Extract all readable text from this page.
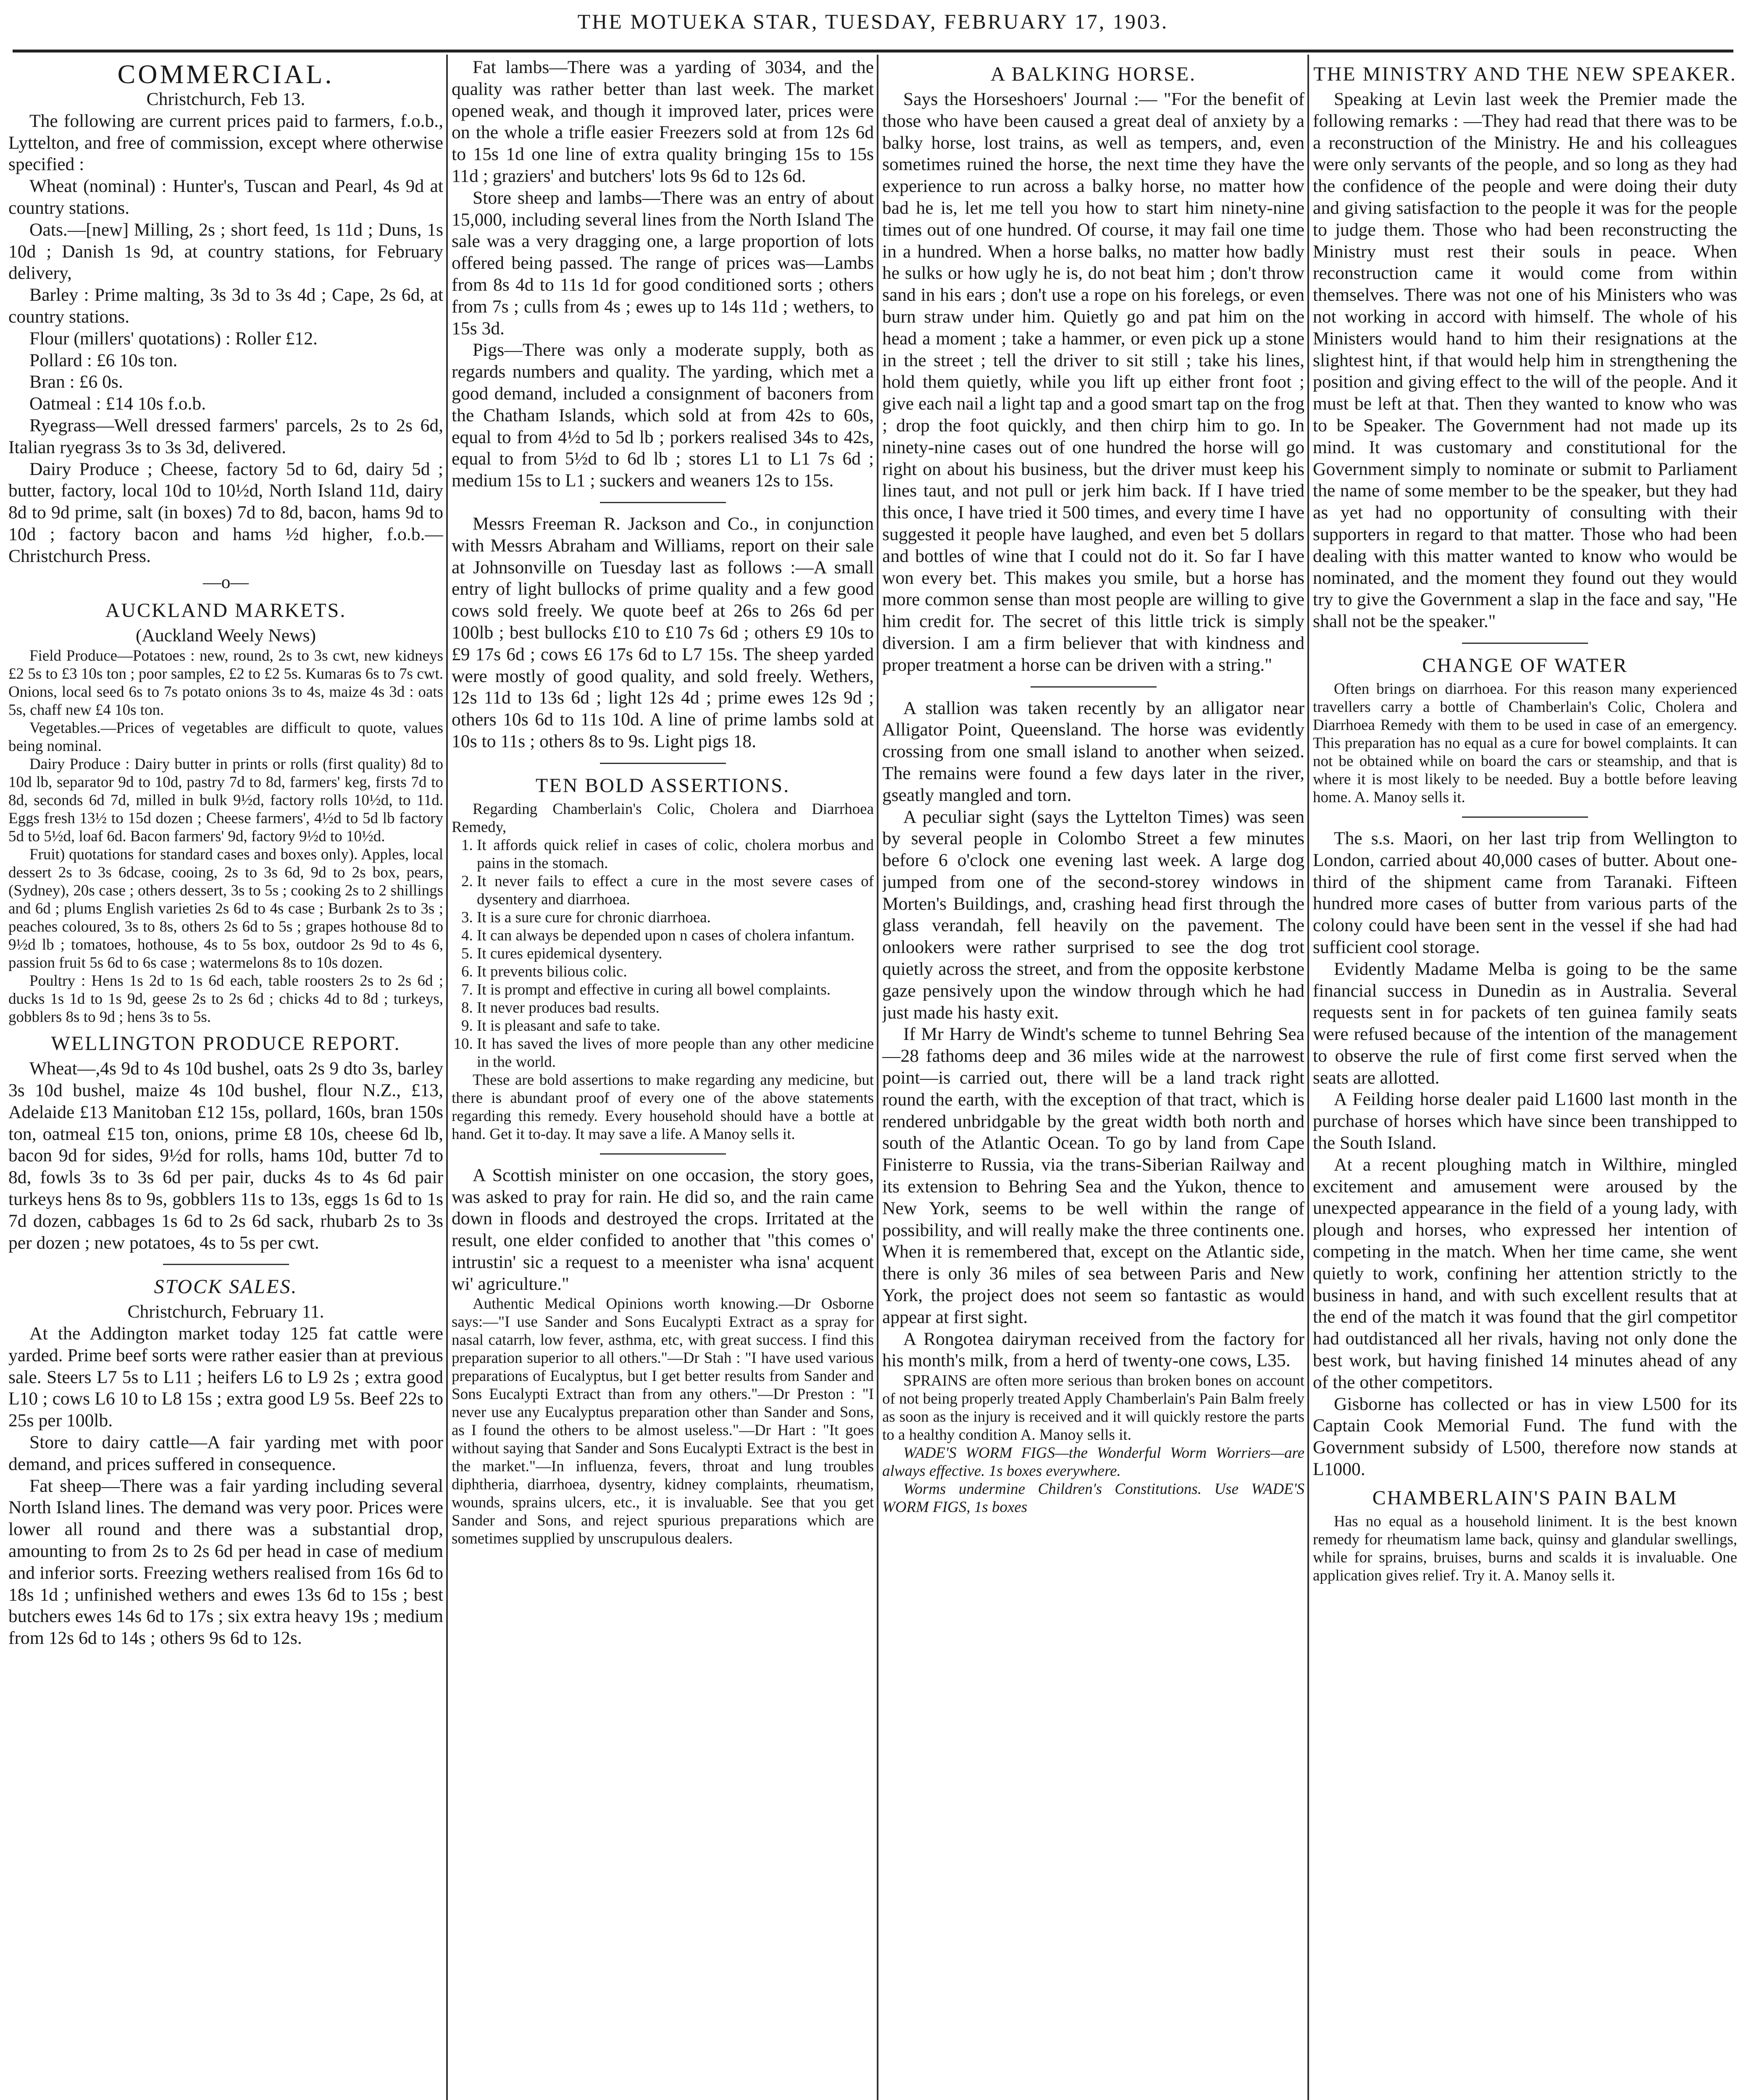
THE MOTUEKA STAR, TUESDAY, FEBRUARY 17, 1903.
COMMERCIAL.

Christchurch, Feb 13.

The following are current prices paid to farmers, f.o.b., Lyttelton, and free of commission, except where otherwise specified :

Wheat (nominal) : Hunter's, Tuscan and Pearl, 4s 9d at country stations.

Oats.—[new] Milling, 2s ; short feed, 1s 11d ; Duns, 1s 10d ; Danish 1s 9d, at country stations, for February delivery,

Barley : Prime malting, 3s 3d to 3s 4d ; Cape, 2s 6d, at country stations.

Flour (millers' quotations) : Roller £12.

Pollard : £6 10s ton.

Bran : £6 0s.

Oatmeal : £14 10s f.o.b.

Ryegrass—Well dressed farmers' parcels, 2s to 2s 6d, Italian ryegrass 3s to 3s 3d, delivered.

Dairy Produce ; Cheese, factory 5d to 6d, dairy 5d ; butter, factory, local 10d to 10½d, North Island 11d, dairy 8d to 9d prime, salt (in boxes) 7d to 8d, bacon, hams 9d to 10d ; factory bacon and hams ½d higher, f.o.b.—Christchurch Press.

—o—

AUCKLAND MARKETS.

(Auckland Weely News)

Field Produce—Potatoes : new, round, 2s to 3s cwt, new kidneys £2 5s to £3 10s ton ; poor samples, £2 to £2 5s. Kumaras 6s to 7s cwt. Onions, local seed 6s to 7s potato onions 3s to 4s, maize 4s 3d : oats 5s, chaff new £4 10s ton.

Vegetables.—Prices of vegetables are difficult to quote, values being nominal.

Dairy Produce : Dairy butter in prints or rolls (first quality) 8d to 10d lb, separator 9d to 10d, pastry 7d to 8d, farmers' keg, firsts 7d to 8d, seconds 6d 7d, milled in bulk 9½d, factory rolls 10½d, to 11d. Eggs fresh 13½ to 15d dozen ; Cheese farmers', 4½d to 5d lb factory 5d to 5½d, loaf 6d. Bacon farmers' 9d, factory 9½d to 10½d.

Fruit) quotations for standard cases and boxes only). Apples, local dessert 2s to 3s 6dcase, cooing, 2s to 3s 6d, 9d to 2s box, pears, (Sydney), 20s case ; others dessert, 3s to 5s ; cooking 2s to 2 shillings and 6d ; plums English varieties 2s 6d to 4s case ; Burbank 2s to 3s ; peaches coloured, 3s to 8s, others 2s 6d to 5s ; grapes hothouse 8d to 9½d lb ; tomatoes, hothouse, 4s to 5s box, outdoor 2s 9d to 4s 6, passion fruit 5s 6d to 6s case ; watermelons 8s to 10s dozen.

Poultry : Hens 1s 2d to 1s 6d each, table roosters 2s to 2s 6d ; ducks 1s 1d to 1s 9d, geese 2s to 2s 6d ; chicks 4d to 8d ; turkeys, gobblers 8s to 9d ; hens 3s to 5s.

WELLINGTON PRODUCE REPORT.

Wheat—,4s 9d to 4s 10d bushel, oats 2s 9 dto 3s, barley 3s 10d bushel, maize 4s 10d bushel, flour N.Z., £13, Adelaide £13 Manitoban £12 15s, pollard, 160s, bran 150s ton, oatmeal £15 ton, onions, prime £8 10s, cheese 6d lb, bacon 9d for sides, 9½d for rolls, hams 10d, butter 7d to 8d, fowls 3s to 3s 6d per pair, ducks 4s to 4s 6d pair turkeys hens 8s to 9s, gobblers 11s to 13s, eggs 1s 6d to 1s 7d dozen, cabbages 1s 6d to 2s 6d sack, rhubarb 2s to 3s per dozen ; new potatoes, 4s to 5s per cwt.

STOCK SALES.

Christchurch, February 11.

At the Addington market today 125 fat cattle were yarded. Prime beef sorts were rather easier than at previous sale. Steers L7 5s to L11 ; heifers L6 to L9 2s ; extra good L10 ; cows L6 10 to L8 15s ; extra good L9 5s. Beef 22s to 25s per 100lb.

Store to dairy cattle—A fair yarding met with poor demand, and prices suffered in consequence.

Fat sheep—There was a fair yarding including several North Island lines. The demand was very poor. Prices were lower all round and there was a substantial drop, amounting to from 2s to 2s 6d per head in case of medium and inferior sorts. Freezing wethers realised from 16s 6d to 18s 1d ; unfinished wethers and ewes 13s 6d to 15s ; best butchers ewes 14s 6d to 17s ; six extra heavy 19s ; medium from 12s 6d to 14s ; others 9s 6d to 12s.

Fat lambs—There was a yarding of 3034, and the quality was rather better than last week. The market opened weak, and though it improved later, prices were on the whole a trifle easier Freezers sold at from 12s 6d to 15s 1d one line of extra quality bringing 15s to 15s 11d ; graziers' and butchers' lots 9s 6d to 12s 6d.

Store sheep and lambs—There was an entry of about 15,000, including several lines from the North Island The sale was a very dragging one, a large proportion of lots offered being passed. The range of prices was—Lambs from 8s 4d to 11s 1d for good conditioned sorts ; others from 7s ; culls from 4s ; ewes up to 14s 11d ; wethers, to 15s 3d.

Pigs—There was only a moderate supply, both as regards numbers and quality. The yarding, which met a good demand, included a consignment of baconers from the Chatham Islands, which sold at from 42s to 60s, equal to from 4½d to 5d lb ; porkers realised 34s to 42s, equal to from 5½d to 6d lb ; stores L1 to L1 7s 6d ; medium 15s to L1 ; suckers and weaners 12s to 15s.

Messrs Freeman R. Jackson and Co., in conjunction with Messrs Abraham and Williams, report on their sale at Johnsonville on Tuesday last as follows :—A small entry of light bullocks of prime quality and a few good cows sold freely. We quote beef at 26s to 26s 6d per 100lb ; best bullocks £10 to £10 7s 6d ; others £9 10s to £9 17s 6d ; cows £6 17s 6d to L7 15s. The sheep yarded were mostly of good quality, and sold freely. Wethers, 12s 11d to 13s 6d ; light 12s 4d ; prime ewes 12s 9d ; others 10s 6d to 11s 10d. A line of prime lambs sold at 10s to 11s ; others 8s to 9s. Light pigs 18.

TEN BOLD ASSERTIONS.

Regarding Chamberlain's Colic, Cholera and Diarrhoea Remedy,

1. It affords quick relief in cases of colic, cholera morbus and pains in the stomach.
2. It never fails to effect a cure in the most severe cases of dysentery and diarrhoea.
3. It is a sure cure for chronic diarrhoea.
4. It can always be depended upon n cases of cholera infantum.
5. It cures epidemical dysentery.
6. It prevents bilious colic.
7. It is prompt and effective in curing all bowel complaints.
8. It never produces bad results.
9. It is pleasant and safe to take.
10. It has saved the lives of more people than any other medicine in the world.

These are bold assertions to make regarding any medicine, but there is abundant proof of every one of the above statements regarding this remedy. Every household should have a bottle at hand. Get it to-day. It may save a life. A Manoy sells it.

A Scottish minister on one occasion, the story goes, was asked to pray for rain. He did so, and the rain came down in floods and destroyed the crops. Irritated at the result, one elder confided to another that "this comes o' intrustin' sic a request to a meenister wha isna' acquent wi' agriculture."

Authentic Medical Opinions worth knowing.—Dr Osborne says:—"I use Sander and Sons Eucalypti Extract as a spray for nasal catarrh, low fever, asthma, etc, with great success. I find this preparation superior to all others."—Dr Stah : "I have used various preparations of Eucalyptus, but I get better results from Sander and Sons Eucalypti Extract than from any others."—Dr Preston : "I never use any Eucalyptus preparation other than Sander and Sons, as I found the others to be almost useless."—Dr Hart : "It goes without saying that Sander and Sons Eucalypti Extract is the best in the market."—In influenza, fevers, throat and lung troubles diphtheria, diarrhoea, dysentry, kidney complaints, rheumatism, wounds, sprains ulcers, etc., it is invaluable. See that you get Sander and Sons, and reject spurious preparations which are sometimes supplied by unscrupulous dealers.

A BALKING HORSE.

Says the Horseshoers' Journal :— "For the benefit of those who have been caused a great deal of anxiety by a balky horse, lost trains, as well as tempers, and, even sometimes ruined the horse, the next time they have the experience to run across a balky horse, no matter how bad he is, let me tell you how to start him ninety-nine times out of one hundred. Of course, it may fail one time in a hundred. When a horse balks, no matter how badly he sulks or how ugly he is, do not beat him ; don't throw sand in his ears ; don't use a rope on his forelegs, or even burn straw under him. Quietly go and pat him on the head a moment ; take a hammer, or even pick up a stone in the street ; tell the driver to sit still ; take his lines, hold them quietly, while you lift up either front foot ; give each nail a light tap and a good smart tap on the frog ; drop the foot quickly, and then chirp him to go. In ninety-nine cases out of one hundred the horse will go right on about his business, but the driver must keep his lines taut, and not pull or jerk him back. If I have tried this once, I have tried it 500 times, and every time I have suggested it people have laughed, and even bet 5 dollars and bottles of wine that I could not do it. So far I have won every bet. This makes you smile, but a horse has more common sense than most people are willing to give him credit for. The secret of this little trick is simply diversion. I am a firm believer that with kindness and proper treatment a horse can be driven with a string."

A stallion was taken recently by an alligator near Alligator Point, Queensland. The horse was evidently crossing from one small island to another when seized. The remains were found a few days later in the river, gseatly mangled and torn.

A peculiar sight (says the Lyttelton Times) was seen by several people in Colombo Street a few minutes before 6 o'clock one evening last week. A large dog jumped from one of the second-storey windows in Morten's Buildings, and, crashing head first through the glass verandah, fell heavily on the pavement. The onlookers were rather surprised to see the dog trot quietly across the street, and from the opposite kerbstone gaze pensively upon the window through which he had just made his hasty exit.

If Mr Harry de Windt's scheme to tunnel Behring Sea—28 fathoms deep and 36 miles wide at the narrowest point—is carried out, there will be a land track right round the earth, with the exception of that tract, which is rendered unbridgable by the great width both north and south of the Atlantic Ocean. To go by land from Cape Finisterre to Russia, via the trans-Siberian Railway and its extension to Behring Sea and the Yukon, thence to New York, seems to be well within the range of possibility, and will really make the three continents one. When it is remembered that, except on the Atlantic side, there is only 36 miles of sea between Paris and New York, the project does not seem so fantastic as would appear at first sight.

A Rongotea dairyman received from the factory for his month's milk, from a herd of twenty-one cows, L35.

SPRAINS are often more serious than broken bones on account of not being properly treated Apply Chamberlain's Pain Balm freely as soon as the injury is received and it will quickly restore the parts to a healthy condition A. Manoy sells it.

WADE'S WORM FIGS—the Wonderful Worm Worriers—are always effective. 1s boxes everywhere.

Worms undermine Children's Constitutions. Use WADE'S WORM FIGS, 1s boxes

THE MINISTRY AND THE NEW SPEAKER.

Speaking at Levin last week the Premier made the following remarks : —They had read that there was to be a reconstruction of the Ministry. He and his colleagues were only servants of the people, and so long as they had the confidence of the people and were doing their duty and giving satisfaction to the people it was for the people to judge them. Those who had been reconstructing the Ministry must rest their souls in peace. When reconstruction came it would come from within themselves. There was not one of his Ministers who was not working in accord with himself. The whole of his Ministers would hand to him their resignations at the slightest hint, if that would help him in strengthening the position and giving effect to the will of the people. And it must be left at that. Then they wanted to know who was to be Speaker. The Government had not made up its mind. It was customary and constitutional for the Government simply to nominate or submit to Parliament the name of some member to be the speaker, but they had as yet had no opportunity of consulting with their supporters in regard to that matter. Those who had been dealing with this matter wanted to know who would be nominated, and the moment they found out they would try to give the Government a slap in the face and say, "He shall not be the speaker."

CHANGE OF WATER

Often brings on diarrhoea. For this reason many experienced travellers carry a bottle of Chamberlain's Colic, Cholera and Diarrhoea Remedy with them to be used in case of an emergency. This preparation has no equal as a cure for bowel complaints. It can not be obtained while on board the cars or steamship, and that is where it is most likely to be needed. Buy a bottle before leaving home. A. Manoy sells it.

The s.s. Maori, on her last trip from Wellington to London, carried about 40,000 cases of butter. About one-third of the shipment came from Taranaki. Fifteen hundred more cases of butter from various parts of the colony could have been sent in the vessel if she had had sufficient cool storage.

Evidently Madame Melba is going to be the same financial success in Dunedin as in Australia. Several requests sent in for packets of ten guinea family seats were refused because of the intention of the management to observe the rule of first come first served when the seats are allotted.

A Feilding horse dealer paid L1600 last month in the purchase of horses which have since been transhipped to the South Island.

At a recent ploughing match in Wilthire, mingled excitement and amusement were aroused by the unexpected appearance in the field of a young lady, with plough and horses, who expressed her intention of competing in the match. When her time came, she went quietly to work, confining her attention strictly to the business in hand, and with such excellent results that at the end of the match it was found that the girl competitor had outdistanced all her rivals, having not only done the best work, but having finished 14 minutes ahead of any of the other competitors.

Gisborne has collected or has in view L500 for its Captain Cook Memorial Fund. The fund with the Government subsidy of L500, therefore now stands at L1000.

CHAMBERLAIN'S PAIN BALM

Has no equal as a household liniment. It is the best known remedy for rheumatism lame back, quinsy and glandular swellings, while for sprains, bruises, burns and scalds it is invaluable. One application gives relief. Try it. A. Manoy sells it.
